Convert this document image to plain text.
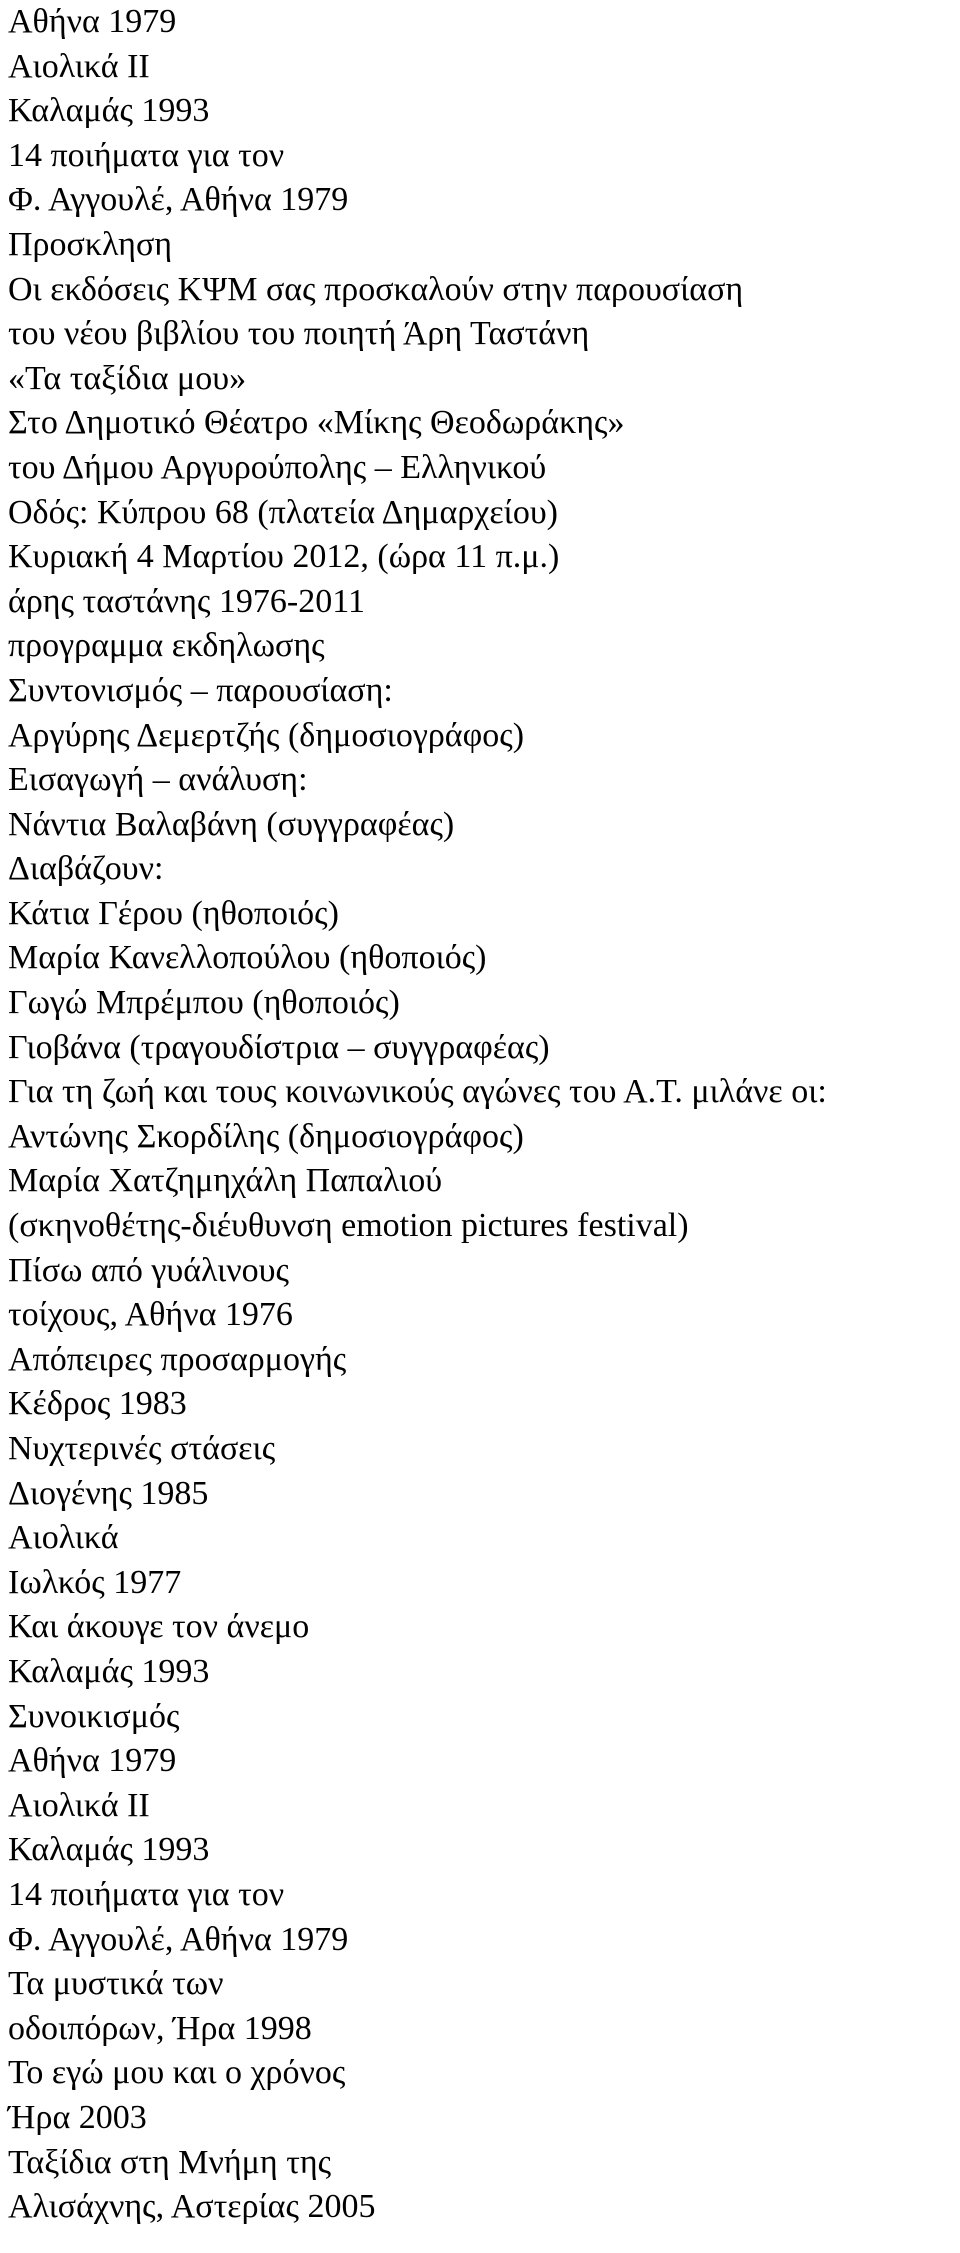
Αθήνα 1979
Αιολικά ΙΙ
Καλαμάς 1993
14 ποιήματα για τον
Φ. Αγγουλέ, Αθήνα 1979
Προσκληση
Οι εκδόσεις ΚΨΜ σας προσκαλούν στην παρουσίαση
του νέου βιβλίου του ποιητή Άρη Ταστάνη
«Τα ταξίδια μου»
Στο Δημοτικό Θέατρο «Μίκης Θεοδωράκης»
του Δήμου Αργυρούπολης – Ελληνικού
Οδός: Κύπρου 68 (πλατεία Δημαρχείου)
Κυριακή 4 Μαρτίου 2012, (ώρα 11 π.μ.)
άρης ταστάνης 1976-2011
προγραμμα εκδηλωσης
Συντονισμός – παρουσίαση:
Αργύρης Δεμερτζής (δημοσιογράφος)
Εισαγωγή – ανάλυση:
Νάντια Βαλαβάνη (συγγραφέας)
Διαβάζουν:
Κάτια Γέρου (ηθοποιός)
Μαρία Κανελλοπούλου (ηθοποιός)
Γωγώ Μπρέμπου (ηθοποιός)
Γιοβάνα (τραγουδίστρια – συγγραφέας)
Για τη ζωή και τους κοινωνικούς αγώνες του Α.Τ. μιλάνε οι:
Αντώνης Σκορδίλης (δημοσιογράφος)
Μαρία Χατζημηχάλη Παπαλιού
(σκηνοθέτης-διέυθυνση emotion pictures festival)
Πίσω από γυάλινους
τοίχους, Αθήνα 1976
Απόπειρες προσαρμογής
Κέδρος 1983
Νυχτερινές στάσεις
Διογένης 1985
Αιολικά
Ιωλκός 1977
Και άκουγε τον άνεμο
Καλαμάς 1993
Συνοικισμός
Αθήνα 1979
Αιολικά ΙΙ
Καλαμάς 1993
14 ποιήματα για τον
Φ. Αγγουλέ, Αθήνα 1979
Τα μυστικά των
οδοιπόρων, Ήρα 1998
Το εγώ μου και ο χρόνος
Ήρα 2003
Ταξίδια στη Μνήμη της
Αλισάχνης, Αστερίας 2005
